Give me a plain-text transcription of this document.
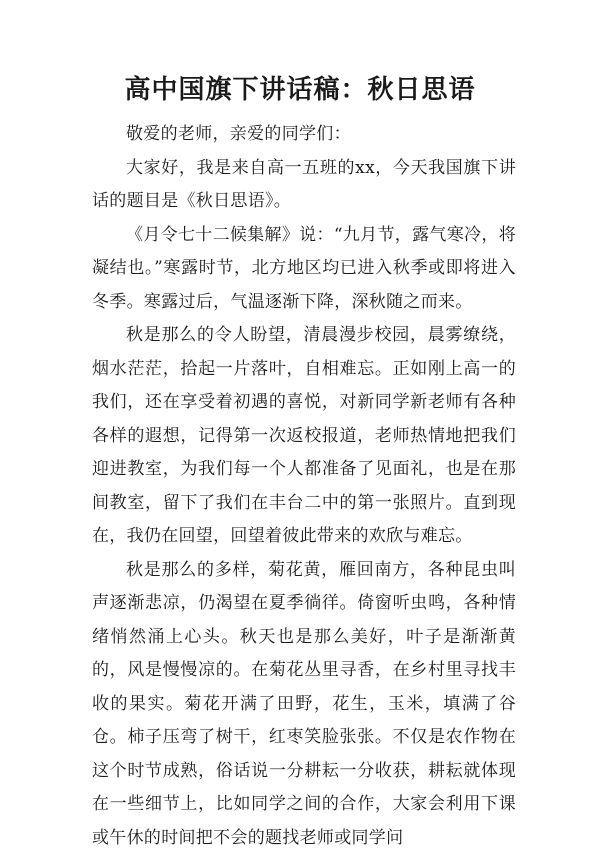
高中国旗下讲话稿：秋日思语

敬爱的老师，亲爱的同学们：

大家好，我是来自高一五班的xx，今天我国旗下讲话的题目是《秋日思语》。

《月令七十二候集解》说：“九月节，露气寒冷，将凝结也。”寒露时节，北方地区均已进入秋季或即将进入冬季。寒露过后，气温逐渐下降，深秋随之而来。

秋是那么的令人盼望，清晨漫步校园，晨雾缭绕，烟水茫茫，拾起一片落叶，自相难忘。正如刚上高一的我们，还在享受着初遇的喜悦，对新同学新老师有各种各样的遐想，记得第一次返校报道，老师热情地把我们迎进教室，为我们每一个人都准备了见面礼，也是在那间教室，留下了我们在丰台二中的第一张照片。直到现在，我仍在回望，回望着彼此带来的欢欣与难忘。

秋是那么的多样，菊花黄，雁回南方，各种昆虫叫声逐渐悲凉，仍渴望在夏季徜徉。倚窗听虫鸣，各种情绪悄然涌上心头。秋天也是那么美好，叶子是渐渐黄的，风是慢慢凉的。在菊花丛里寻香，在乡村里寻找丰收的果实。菊花开满了田野，花生，玉米，填满了谷仓。柿子压弯了树干，红枣笑脸张张。不仅是农作物在这个时节成熟，俗话说一分耕耘一分收获，耕耘就体现在一些细节上，比如同学之间的合作，大家会利用下课或午休的时间把不会的题找老师或同学问
